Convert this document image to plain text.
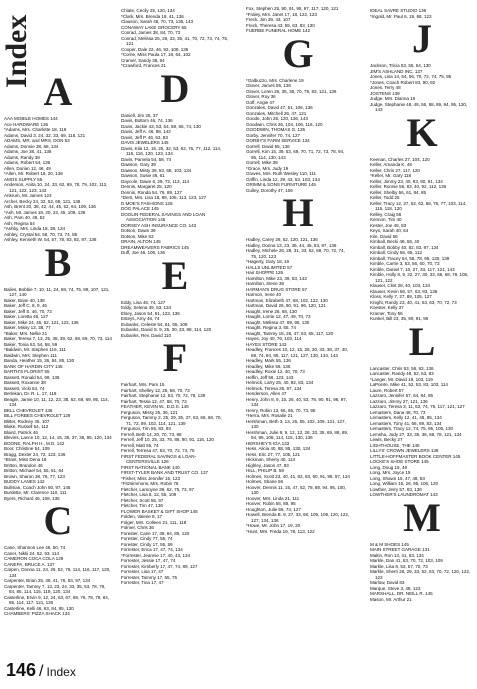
Index
A
AAA MOBILE HOMES 144
Ace HARDWARE 135
*Adams, Mrs. Charlotte 18, 119
Adams, David 3, 24, 32, 33, 69, 118, 121
ADAMS, MR. and MRS. DON 53
Adams, Donnie 38, 68, 134
Adams, Joe 38, 41, 136
Adams, Randy 38
Adams, Robert 54, 136
Allen, Dorian 12, 46, 49
*Allen, Mr. Robert 18, 20, 136
AMOS SUPPLY 55
Anderson, Anita 10, 24, 33, 62, 69, 78, 79, 102, 112, 121, 122, 123, 143
Ankrum, Mr. James 123
Archer, Becky 24, 32, 52, 68, 121, 136
Ash, Brent 20, 38, 42, 44, 45, 52, 64, 109, 136
*Ash, Mr. James 18, 20, 23, 45, 109, 136
Ash, Pam 40, 48, 52
Ash, Regina 54
*Ashby, Mrs. Linda 18, 38, 134
Ashley, Crystal 54, 58, 70, 73, 74, 85
Ashley, Kenneth W. 54, 57, 78, 83, 92, 97, 136
B
Bailes, Bobbie 7, 10, 11, 24, 68, 74, 75, 89, 107, 121, 127, 140
Baker, Brian 40, 138
Baker, Jeff C. 8, 9, 46
Baker, Jeff S. 46, 70, 73
Baker, Loretta 46, 127
Baker, Mike 24, 45, 52, 121, 123, 136
Baker, Missy 13, 38, 77
*Baker, Mrs. Nellie 21
Baker, Teresa 7, 13, 25, 38, 39, 62, 68, 69, 70, 73, 114
Baker, Tonia 53, 54, 58, 59
*Baldwin, Mr. Stephen 119, 111
Baldwin, Mrs. Stephen 111
Banda, Heather 15, 36, 84, 85, 130
BANK OF HARDIN CITY 145
BARTH'S FLORIST 55
Bassett, Ronald 54, 68, 136
Bassett, Roxanne 38
Bassett, Vicki 54, 74
Berlekan, Dr. R. L. 17, 118
Beagle, Jamie 10, 11, 12, 23, 38, 62, 68, 69, 95, 114, 134
BELL CHEVROLET 136
BILL FORBES CHEVROLET 129
Blitter, Rodney 46, 107
Blake, Russell 54, 112
Blaird, Patrick 46
Blevins, Lance 10, 12, 14, 15, 35, 37, 38, 95, 120, 134
BOONE, RALPH H., M.D. 142
Boor, Christine 54, 109
Bragg, Dexter 24, 72, 123, 136
*Brant, Miss Dena 18
Britton, Brandon 46
Britton, Michael 54, 55, 61, 64
Brown, Sharon 38, 76, 77, 123
BUDDY LANES 142
Bullman, Coach John 80, 97, 145
Burdette, Mr. Clarence 110, 111
Byers, Richard 46, 108, 136
C
Cane, Shannon Lee 46, 50, 74
Caner, Nikki 24, 52, 93, 114
CAMERON COCA COLA 129
CANEPA, BRUCE A. 137
Carpen, Donna 11, 24, 26, 52, 76, 114, 116, 117, 120, 134
Carpenter, Brian 25, 38, 41, 76, 83, 97, 134
Carpenter, Tammy 7, 13, 23, 24, 33, 35, 53, 78, 79, 84, 85, 114, 115, 119, 120, 134
Casterline, Ervin 9, 12, 24, 63, 67, 68, 76, 78, 79, 84, 85, 114, 117, 121, 130
Casterline, Kelli 46, 63, 84, 85, 130
CHAMBERS' PIZZA SHACK 134
Chiate, Cecily 25, 120, 134
*Clark, Mrs. Brenda 18, 41, 136
Clauson, Sarah 46, 70, 73, 136, 143
CONAWAY LAKE GROCERY 55
Conrad, James 38, 84, 70, 73
Conrad, Melissa 25, 29, 33, 35, 41, 70, 72, 73, 74, 75, 121
Cooper, Dale 22, 46, 92, 109, 136
*Corrie, Miss Paula 17, 18, 64, 102
Cramer, Sandy 38, 64
*Crawford, Frances 21
D
Daniell, Jim 25, 37
Davis, Bottom 46, 74, 136
Davis, Jackie 43, 53, 54, 58, 65, 74, 130
Davis, Jeff A. 46, 88, 143
Davis, Jeff P. 46, 53, 83
DAVIS JEWELERS 145
Davis, Kila 12, 15, 25, 32, 53, 62, 76, 77, 112, 114, 115, 116, 120, 123, 134
Davis, Pamela 54, 58, 74
Dawson, Gary 39
Dawson, Misty 39, 53, 68, 103, 134
Dawson, Susie 46, 61
Daycole, Dawn 6, 29, 72, 113, 114
Dennis, Margaret 25, 120
Dennis, Ronda 54, 76, 89, 127
*Dent, Mrs. Lisa 18, 89, 105, 113, 123, 127
D MOE'S FASHIONS 128
DOG PALACE 145
DOOLIN FEDERAL SAVINGS AND LOAN ASSOCIATION 145
DORSEY ASH INSURANCE CO. 143
Dotson, Dawn 39
Dotson, Mike 83
DRAIN, ALTON 145
DREAMWEAVERS FABRICS 145
Duff, Joe 46, 106, 136
E
Eddy, Lisa 46, 74, 127
Eddy, Selena 39, 53, 134
Elsey, Jason 54, 61, 123, 136
Esteys, Amy 46, 74
Eubanks, Celeste 54, 61, 65, 109
Eubanks, David S. 9, 25, 30, 33, 88, 114, 120
Eubanks, Rev. David 110
F
Fairhart, Mrs. Pam 15
Fairhart, Shelley 12, 25, 58, 70, 73
Fairhart, Stephanie 12, 53, 70, 72, 78, 139
Fairhart, Tessa 12, 47, 68, 70, 73
FEATHER, KEVIN W., D.D.S. 145
Ferguson, Missy 25, 36, 121
Ferguson, Tammy 2, 25, 29, 35, 37, 53, 66, 68, 70, 71, 72, 89, 102, 114, 121, 139
Ferguson, Tim 55, 83, 93
Ferrell, Beth 14, 20, 70, 73, 88
Ferrell, Jeff 10, 25, 33, 76, 88, 90, 91, 116, 120
Ferrell, Matt 55, 74
Ferrell, Terresa 47, 63, 70, 72, 74, 75
FIRST FEDERAL SAVINGS & LOAN-CENTERSVILLE 126
FIRST NATIONAL BANK 140
FIRST-TYLER BANK AND TRUST CO. 137
*Fisher, Miss Jennifer 15, 123
*Fitzsimmons, Mrs. Robin 76
Fletcher, Lamoyne 39, 62, 75, 73, 97
Fletcher, Lisa 8, 12, 55, 109
Fletcher, Scott 55, 97
Fletcher, Tim 47, 136
FLOWER BASKET & GIFT SHOP 145
Folden, Valerie 8, 17
Folger, Mrs. Colleen 21, 111, 118
Folmer, Chris 36
Forester, Carie 17, 39, 84, 85, 120
Forester, Cindy 77, 55, 74
Forester, Cindy 17, 55, 59
Forrester, Erica 17, 47, 74, 134
*Forrester, Jeannie 17, 40, 43, 134
Forrester, Jessie 17, 47, 74
Forrester, Kimberly 17, 47, 74, 89, 127
Forrester, Lisa 17, 47
Forrester, Tammy 17, 55, 75
Forrester, Tina 17, 47
Fox, Stephen 25, 90, 91, 95, 97, 117, 120, 121
*Fraley, Mrs. Janet 17, 18, 122, 123
Freck, Jim 39, 43, 107
Freck, Theresa 43, 55, 63, 83, 130
FUERBE FUNERAL HOME 142
G
*Galbuzzo, Mrs. Charlene 19
Glover, James 55, 136
Glover, Loren 26, 35, 36, 70, 79, 83, 121, 136
Glover, Roy 36
Goff, Angie 47
Gonzales, David 47, 51, 106, 136
Gonzales, Mitchell 26, 47, 121
Goode, John 26, 120, 136, 143
Goodwin, Chris 26, 104, 106, 116, 120
GOODWIN, THOMAS G. 135
Gorby, Jennifer 70, 74, 127
GORBY'S FARM SERVICE 134
Gorrell, David 55, 136
Gorrell, Kim 15, 39, 53, 69, 70, 71, 72, 73, 78, 94, 95, 114, 130, 143
Gorrell, Mike 39
*Grace, Mrs. Judy 19
Graves, Mrs. Ruth Wesley 110, 111
Griffin, Linda 12, 39, 43, 53, 103, 134
GRIMM & SONS FURNITURE 145
Gulley, Dorothy 47, 106
H
Hadley, Carey 26, 52, 120, 121, 136
Hadley, Donna 13, 23, 39, 44, 45, 83, 97, 136
Hadley, Michele 26, 29, 31, 33, 52, 68, 70, 72, 74, 75, 120, 123
*Hagerty, Gary 18, 19
HALLS UNLIMITED 57
Hair SHOPPE 126
Hamilton, Mike 23, 39, 83, 143
Hamilton, Steve 39
HARMAN'S DRUG STORE 57
Harmon, Irene 40
Hartman, Elizabeth 47, 68, 102, 122, 130
Hartman, David 26, 90, 91, 96, 120, 121
Haught, Irene 26, 68, 130
Haught, Lorrie 12, 47, 49, 70, 73
Haught, Melissa 47, 69, 95, 130
Haught, Regina 3, 55, 74
Haught, Tammy 15, 26, 47, 53, 65, 117, 120
Hayes, Joy 40, 76, 103, 114
HAYES STORE 143
Headley, Frances 10, 12, 15, 26, 30, 33, 36, 37, 40, 69, 74, 84, 85, 117, 121, 127, 130, 134, 143
Headley, Mark 55, 136
Headley, Mike 56, 136
Headley, Roxie 12, 40, 70, 73
Heffin, Jeff 56, 123, 143
Helmick, Larry 25, 40, 82, 83, 134
Helmick, Teresa 26, 97, 134
Henderson, Allen 47
Henry, John 8, 9, 15, 26, 40, 53, 78, 90, 91, 96, 97, 134
Henry, Robin 13, 56, 65, 70, 73, 95
*Herra, Mrs. Rosalie 21
Hershman, Beth 3, 13, 26, 65, 102, 109, 121, 127, 130
Hershman, Julie 8, 9, 12, 13, 26, 33, 35, 69, 88, 89, 94, 95, 108, 114, 115, 130, 136
HERSHEY'S IGA 133
Hess, Alicia 40, 88, 95, 130, 134
Hess, Eric 27, 77, 105, 121
Hickman, Sherry 40, 113
Highley, Jason 47, 83
HILL, PHILIP B. 59
Holmes, Scott 23, 40, 41, 82, 83, 90, 91, 96, 97, 134
Holmes, Shane 56
Hoover, Dennis 11, 15, 47, 52, 78, 88, 94, 95, 100, 130
Hoover, Mrs. Linda 21, 111
Hoover, Robin 56, 88, 95
Houghton, Julie 56, 74, 127
Howell, Brenda B. 9, 27, 33, 68, 105, 109, 120, 122, 127, 134, 136
*Howe, Mr. John 17, 19, 20
*Hunt, Mrs. Freda 19, 78, 113, 122
IDEAL SAVRE STUDIO 136
*Ingold, Mr. Paul 6, 19, 88, 123
J
Jackson, Tricia 53, 55, 54, 130
JIM'S ASHLAND INC. 137
Jones, Lisa 14, 54, 56, 70, 72, 74, 75, 95
*Jones, Coach Robert 83, 90, 92
Jones, Terry 48
JOSTENS 139
Judge, Mrs. Dianna 15
Judge, Stephanie 48, 48, 56, 88, 89, 94, 95, 130, 143 K
Keenan, Charles 27, 104, 120
Keller, Amanda K. 48
Keller, Chris 27, 117, 120
*Keller, Mr. Gary 118
Keller, Jimmy 23, 40, 83, 90, 91, 134
Keller, Ronnie 56, 83, 40, 92, 112, 136
Keller, Shelby 56, 61, 84, 85
Keller, Todd 25
Keller, Tracy 12, 27, 52, 62, 68, 76, 77, 103, 114, 115, 118, 120
Kelley, Craig 56
Kennon, Tim 40
Kester, Joe 48, 83
Keys, Sarah 40, 64
Kile, David 56
Kimball, Becki 48, 56, 40
Kimball, Bobby 40, 82, 83, 97, 134
Kimball, Cindy 56, 65, 112
Kimball, Tracey 54, 56, 78, 95, 130, 139
Kimble, Carrie 3, 53, 56, 60, 70, 73
Kimble, Daniel 7, 10, 27, 33, 117, 121, 143
Kimble, Holly 8, 9, 22, 27, 30, 33, 68, 69, 78, 105, 121, 122
Klauser, Clint 28, 40, 103, 134
Klauser, Kevin 56, 57, 63, 83, 136
Kloss, Kelly 7, 27, 89, 105, 127
Knight, Randy 23, 40, 41, 53, 63, 70, 72, 73
Koester, Kelly 37
Kramer, Tony 56
Kunkel, Bill 23, 35, 90, 91, 95
L
Lancaster, Chris 53, 56, 83, 136
Lancaster, Randy 48, 52, 53, 83
*Langer, Mr. David 19, 103, 119
LaPointe, Mike 41, 52, 53, 83, 103, 114
Laure, Robert 57
Lazzaro, Jennifer 57, 64, 84, 85
Lazzaro, Jimmy 27, 121, 136
Lazzaro, Teresa 3, 11, 53, 74, 75, 117, 121, 127
Lemasters, Dana 48, 70, 73
Lemasters, Kelly 12, 41, 48, 95, 134
Lemasters, Tony 41, 68, 69, 83, 134
Lemasters, Tracy 12, 74, 75, 95, 105, 130
Lemsha, Jody 27, 33, 35, 36, 68, 78, 121, 134
Lewis, Becky 27
LIGHTHOUSE, THE 145
LILLYS' CROWN JEWELERS 138
LITTLE-HOFFMASTER BOOK CENTER 145
LOCKE'S SHOE STORE 145
Long, Doug 15, 48
Long, Mrs. Joyce 15
Long, Shawn 15, 47, 48, 83
Long, William 16, 28, 95, 106, 120
Lowther, Jerry 57, 83, 136
LOWTHER'S LAUNDROMAT 143
M
M & M SHOES 145
MAIN STREET GARAGE 131
Maltin, Ron 13, 41, 83, 134
Markle, Dan 41, 53, 70, 72, 103, 109
Markle, Lisa 8, 53, 57, 70, 73
Markle, Sherri 28, 29, 33, 52, 53, 70, 72, 120, 122, 123
Marlow, David 83
Marque, Steve 3, 48, 123
MARSHALL, DR. NEILL R. 145
Mason, Mr. Arthur 21
146 / Index
